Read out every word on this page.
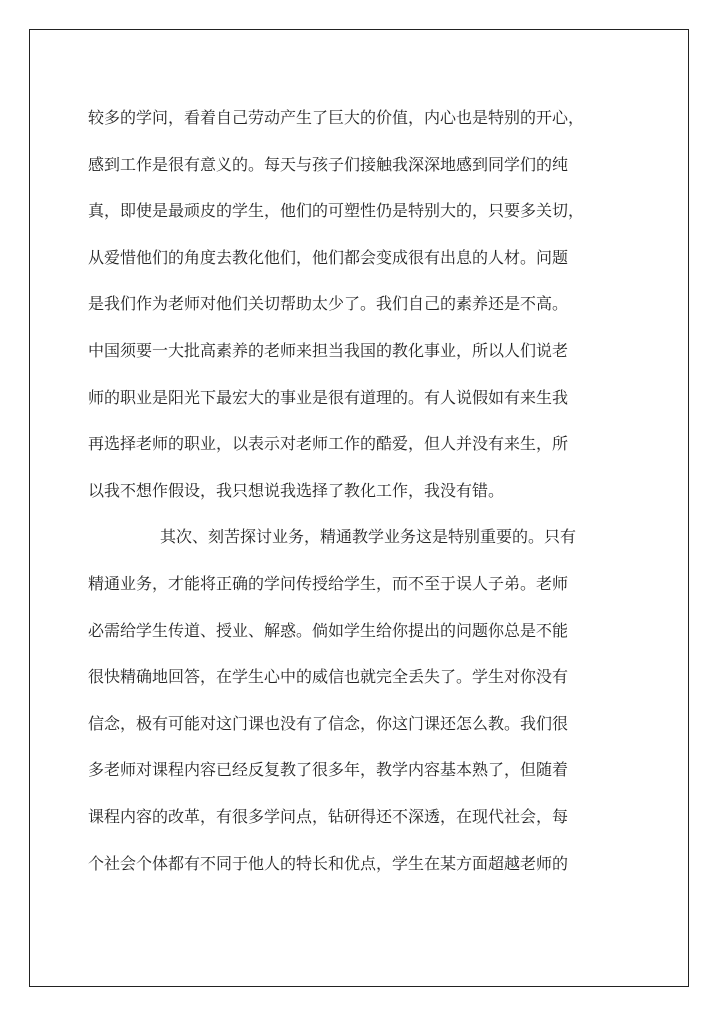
较多的学问，看着自己劳动产生了巨大的价值，内心也是特别的开心，
感到工作是很有意义的。每天与孩子们接触我深深地感到同学们的纯
真，即使是最顽皮的学生，他们的可塑性仍是特别大的，只要多关切，
从爱惜他们的角度去教化他们，他们都会变成很有出息的人材。问题
是我们作为老师对他们关切帮助太少了。我们自己的素养还是不高。
中国须要一大批高素养的老师来担当我国的教化事业，所以人们说老
师的职业是阳光下最宏大的事业是很有道理的。有人说假如有来生我
再选择老师的职业，以表示对老师工作的酷爱，但人并没有来生，所
以我不想作假设，我只想说我选择了教化工作，我没有错。
其次、刻苦探讨业务，精通教学业务这是特别重要的。只有
精通业务，才能将正确的学问传授给学生，而不至于误人子弟。老师
必需给学生传道、授业、解惑。倘如学生给你提出的问题你总是不能
很快精确地回答，在学生心中的威信也就完全丢失了。学生对你没有
信念，极有可能对这门课也没有了信念，你这门课还怎么教。我们很
多老师对课程内容已经反复教了很多年，教学内容基本熟了，但随着
课程内容的改革，有很多学问点，钻研得还不深透，在现代社会，每
个社会个体都有不同于他人的特长和优点，学生在某方面超越老师的
